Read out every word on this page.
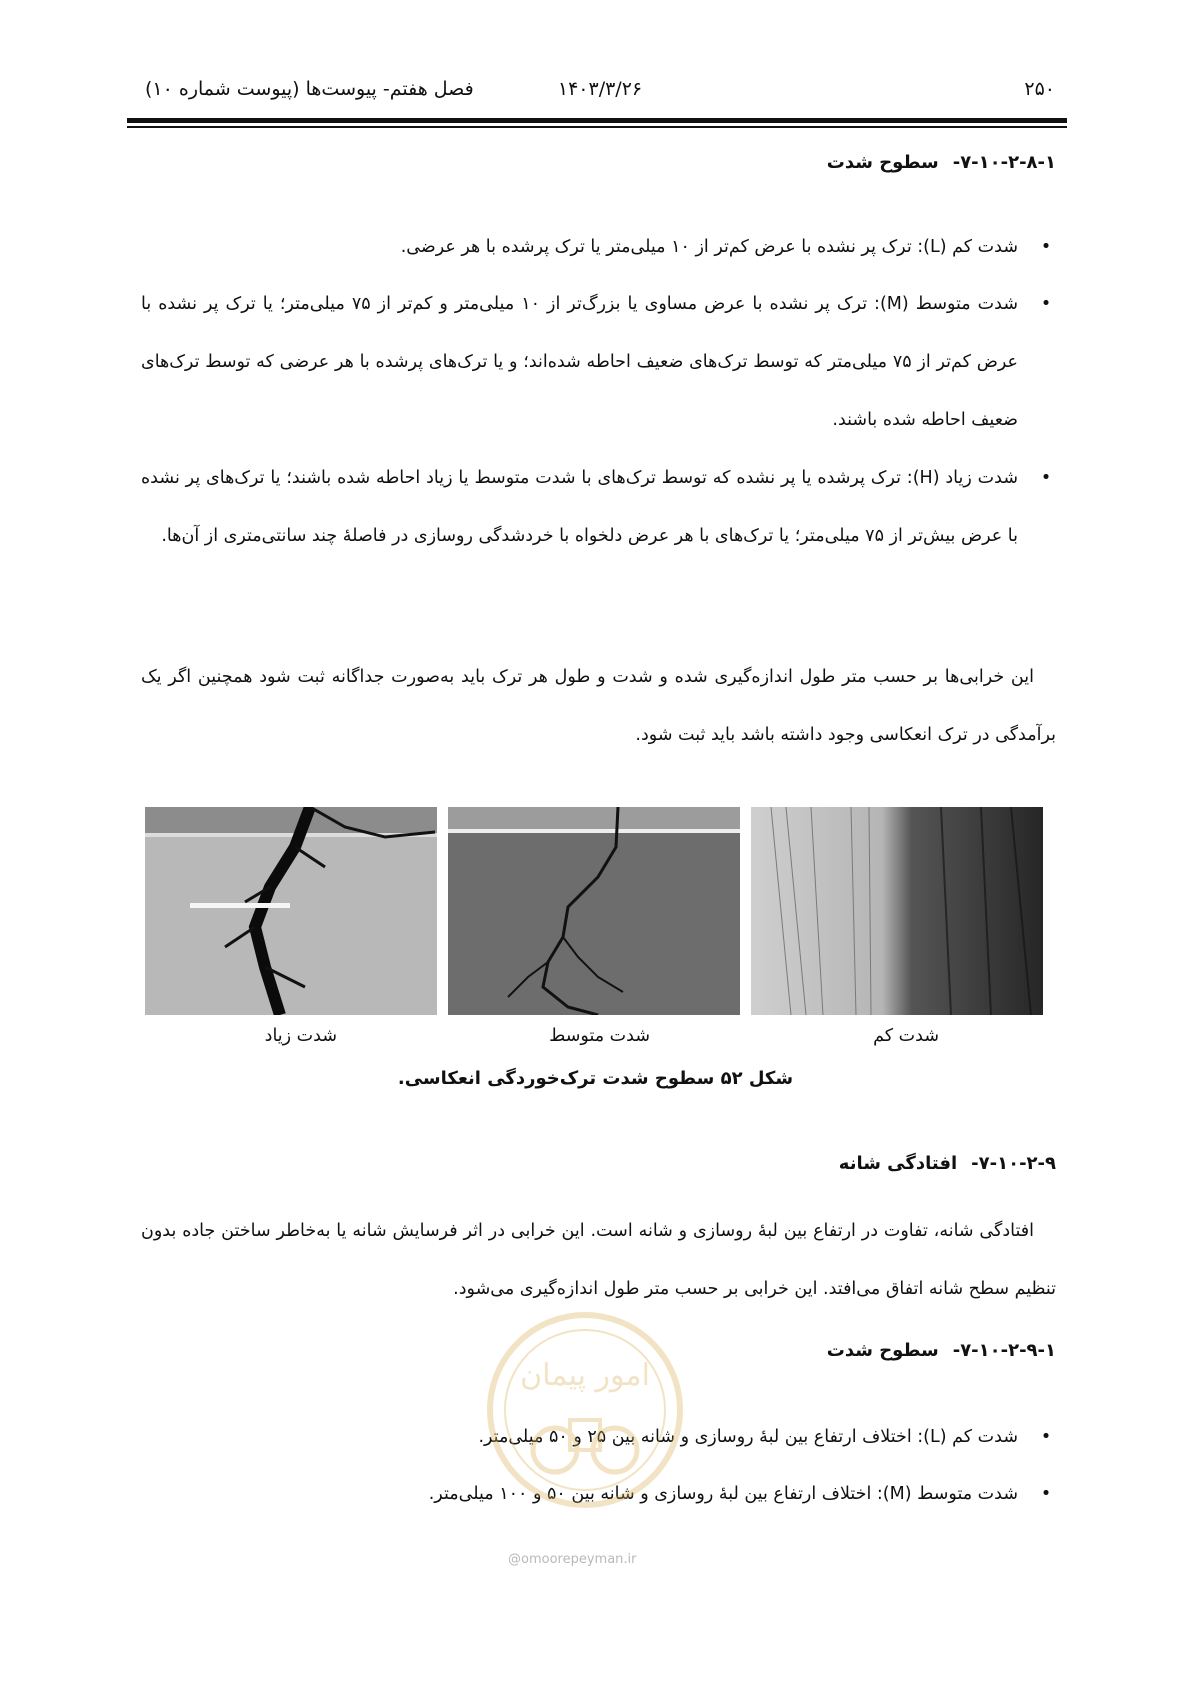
۲۵۰
۱۴۰۳/۳/۲۶
فصل هفتم- پیوست‌ها (پیوست شماره ۱۰)
۷-۱۰-۲-۸-۱-سطوح شدت
•
شدت کم (L): ترک پر نشده با عرض کم‌تر از ۱۰ میلی‌متر یا ترک پرشده با هر عرضی.
•
شدت متوسط (M): ترک پر نشده با عرض مساوی یا بزرگ‌تر از ۱۰ میلی‌متر و کم‌تر از ۷۵ میلی‌متر؛ یا ترک پر نشده با عرض کم‌تر از ۷۵ میلی‌متر که توسط ترک‌های ضعیف احاطه شده‌اند؛ و یا ترک‌های پرشده با هر عرضی که توسط ترک‌های ضعیف احاطه شده باشند.
•
شدت زیاد (H): ترک پرشده یا پر نشده که توسط ترک‌های با شدت متوسط یا زیاد احاطه شده باشند؛ یا ترک‌های پر نشده با عرض بیش‌تر از ۷۵ میلی‌متر؛ یا ترک‌های با هر عرض دلخواه با خردشدگی روسازی در فاصلهٔ چند سانتی‌متری از آن‌ها.
این خرابی‌ها بر حسب متر طول اندازه‌گیری شده و شدت و طول هر ترک باید به‌صورت جداگانه ثبت شود همچنین اگر یک برآمدگی در ترک انعکاسی وجود داشته باشد باید ثبت شود.
شدت کم
شدت متوسط
شدت زیاد
شکل ۵۲ سطوح شدت ترک‌خوردگی انعکاسی.
۷-۱۰-۲-۹-افتادگی شانه
افتادگی شانه، تفاوت در ارتفاع بین لبهٔ روسازی و شانه است. این خرابی در اثر فرسایش شانه یا به‌خاطر ساختن جاده بدون تنظیم سطح شانه اتفاق می‌افتد. این خرابی بر حسب متر طول اندازه‌گیری می‌شود.
۷-۱۰-۲-۹-۱-سطوح شدت
•
شدت کم (L): اختلاف ارتفاع بین لبهٔ روسازی و شانه بین ۲۵ و ۵۰ میلی‌متر.
•
شدت متوسط (M): اختلاف ارتفاع بین لبهٔ روسازی و شانه بین ۵۰ و ۱۰۰ میلی‌متر.
امور پیمان
@omoorepeyman.ir
